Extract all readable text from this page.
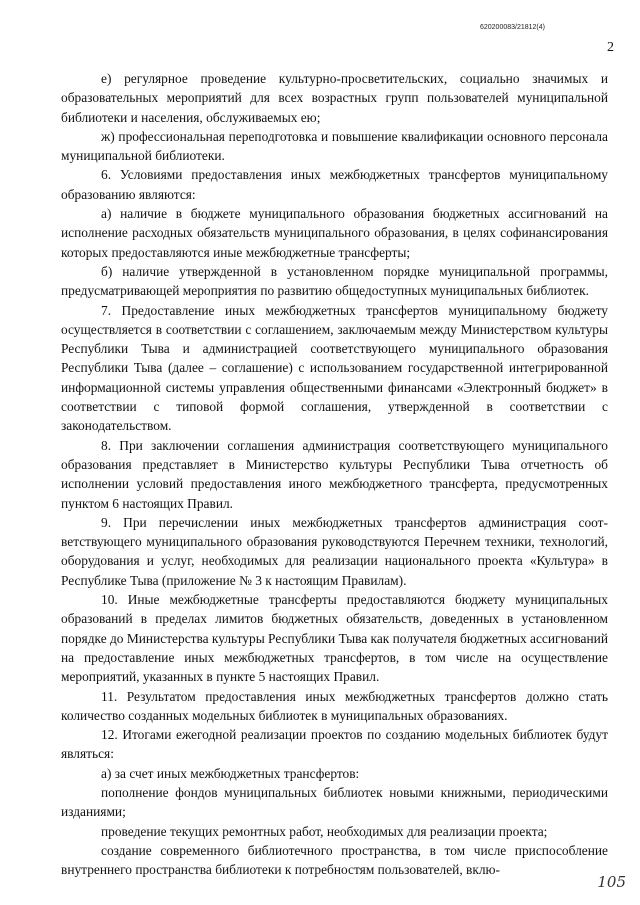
620200083/21812(4)
2

е) регулярное проведение культурно-просветительских, социально значимых и образовательных мероприятий для всех возрастных групп пользователей муниципальной библиотеки и населения, обслуживаемых ею;

ж) профессиональная переподготовка и повышение квалификации основного персонала муниципальной библиотеки.

6. Условиями предоставления иных межбюджетных трансфертов муниципальному образованию являются:

а) наличие в бюджете муниципального образования бюджетных ассигнований на исполнение расходных обязательств муниципального образования, в целях софинансирования которых предоставляются иные межбюджетные трансферты;

б) наличие утвержденной в установленном порядке муниципальной программы, предусматривающей мероприятия по развитию общедоступных муниципальных библиотек.

7. Предоставление иных межбюджетных трансфертов муниципальному бюджету осуществляется в соответствии с соглашением, заключаемым между Министерством культуры Республики Тыва и администрацией соответствующего муниципального образования Республики Тыва (далее – соглашение) с использованием государственной интегрированной информационной системы управления общественными финансами «Электронный бюджет» в соответствии с типовой формой соглашения, утвержденной в соответствии с законодательством.

8. При заключении соглашения администрация соответствующего муниципального образования представляет в Министерство культуры Республики Тыва отчетность об исполнении условий предоставления иного межбюджетного трансферта, предусмотренных пунктом 6 настоящих Правил.

9. При перечислении иных межбюджетных трансфертов администрация соответствующего муниципального образования руководствуются Перечнем техники, технологий, оборудования и услуг, необходимых для реализации национального проекта «Культура» в Республике Тыва (приложение № 3 к настоящим Правилам).

10. Иные межбюджетные трансферты предоставляются бюджету муниципальных образований в пределах лимитов бюджетных обязательств, доведенных в установленном порядке до Министерства культуры Республики Тыва как получателя бюджетных ассигнований на предоставление иных межбюджетных трансфертов, в том числе на осуществление мероприятий, указанных в пункте 5 настоящих Правил.

11. Результатом предоставления иных межбюджетных трансфертов должно стать количество созданных модельных библиотек в муниципальных образованиях.

12. Итогами ежегодной реализации проектов по созданию модельных библиотек будут являться:

а) за счет иных межбюджетных трансфертов:

пополнение фондов муниципальных библиотек новыми книжными, периодическими изданиями;

проведение текущих ремонтных работ, необходимых для реализации проекта;

создание современного библиотечного пространства, в том числе приспособление внутреннего пространства библиотеки к потребностям пользователей, вклю-

105
